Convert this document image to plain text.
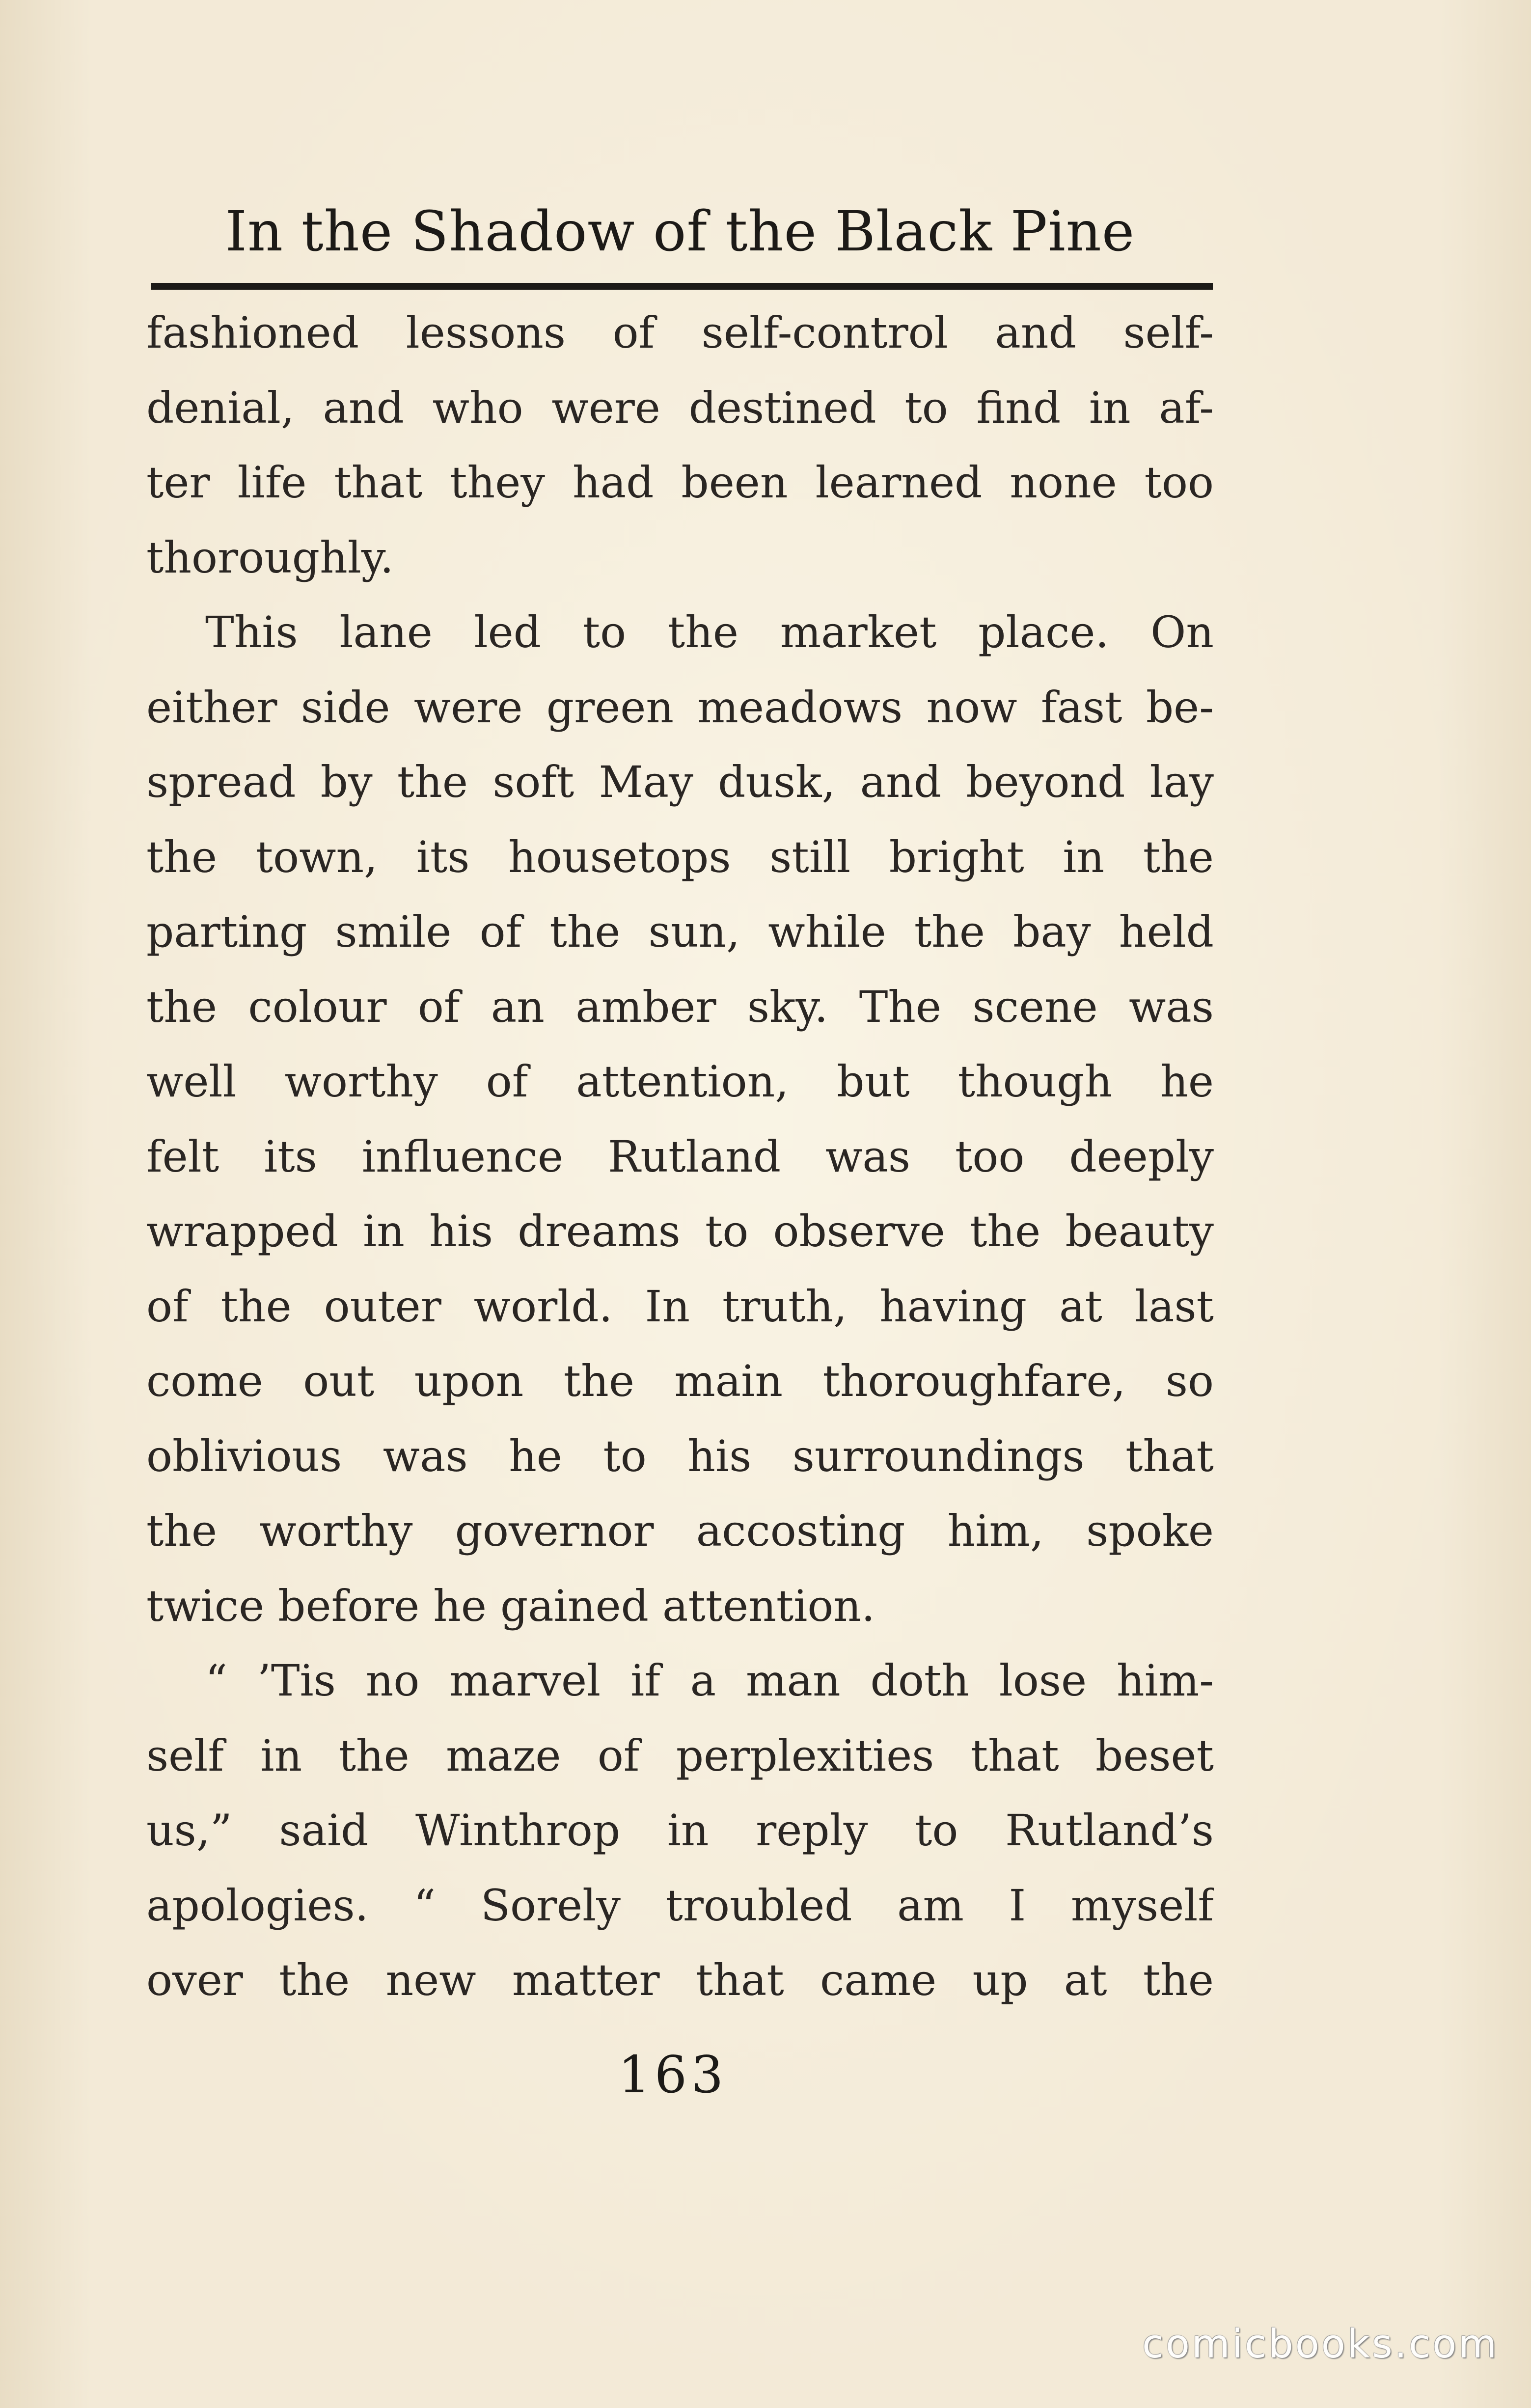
In the Shadow of the Black Pine
fashioned lessons of self-control and self-
denial, and who were destined to find in af-
ter life that they had been learned none too
thoroughly.
This lane led to the market place. On
either side were green meadows now fast be-
spread by the soft May dusk, and beyond lay
the town, its housetops still bright in the
parting smile of the sun, while the bay held
the colour of an amber sky. The scene was
well worthy of attention, but though he
felt its influence Rutland was too deeply
wrapped in his dreams to observe the beauty
of the outer world. In truth, having at last
come out upon the main thoroughfare, so
oblivious was he to his surroundings that
the worthy governor accosting him, spoke
twice before he gained attention.
“ ’Tis no marvel if a man doth lose him-
self in the maze of perplexities that beset
us,” said Winthrop in reply to Rutland’s
apologies. “ Sorely troubled am I myself
over the new matter that came up at the
163
comicbooks.com
